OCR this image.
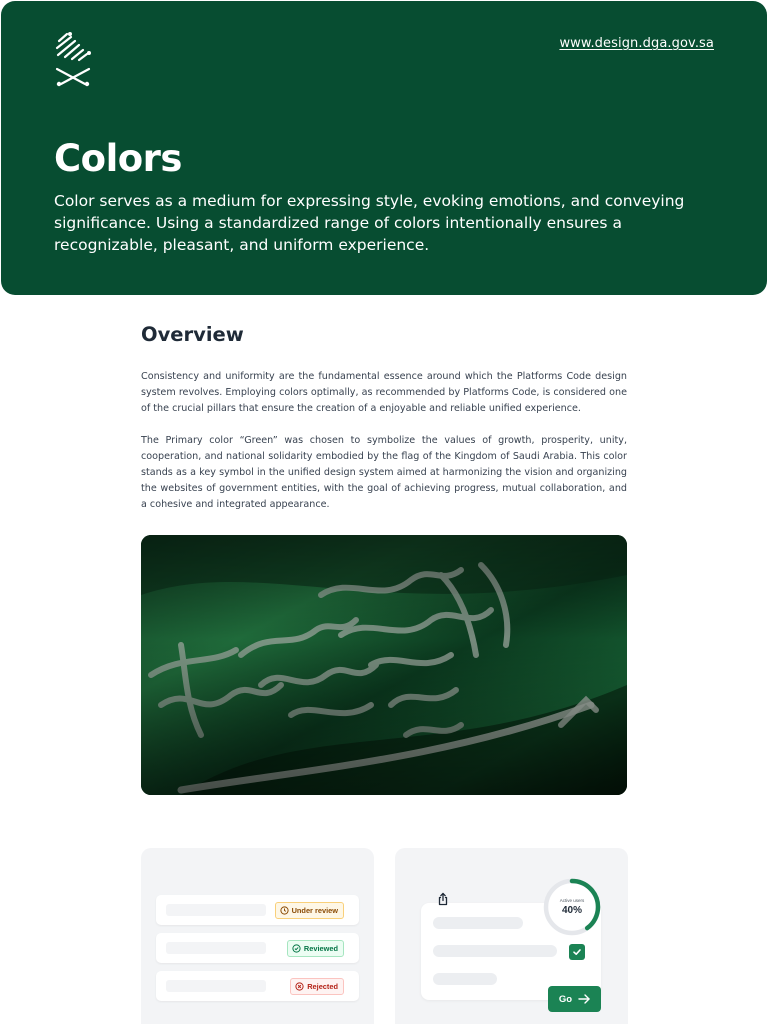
www.design.dga.gov.sa
Colors

Color serves as a medium for expressing style, evoking emotions, and conveying significance. Using a standardized range of colors intentionally ensures a recognizable, pleasant, and uniform experience.

Overview

Consistency and uniformity are the fundamental essence around which the Platforms Code design system revolves. Employing colors optimally, as recommended by Platforms Code, is considered one of the crucial pillars that ensure the creation of a enjoyable and reliable unified experience.

The Primary color “Green” was chosen to symbolize the values of growth, prosperity, unity, cooperation, and national solidarity embodied by the flag of the Kingdom of Saudi Arabia. This color stands as a key symbol in the unified design system aimed at harmonizing the vision and organizing the websites of government entities, with the goal of achieving progress, mutual collaboration, and a cohesive and integrated appearance.

Under review
Reviewed
Rejected
Active users
40%
Go
